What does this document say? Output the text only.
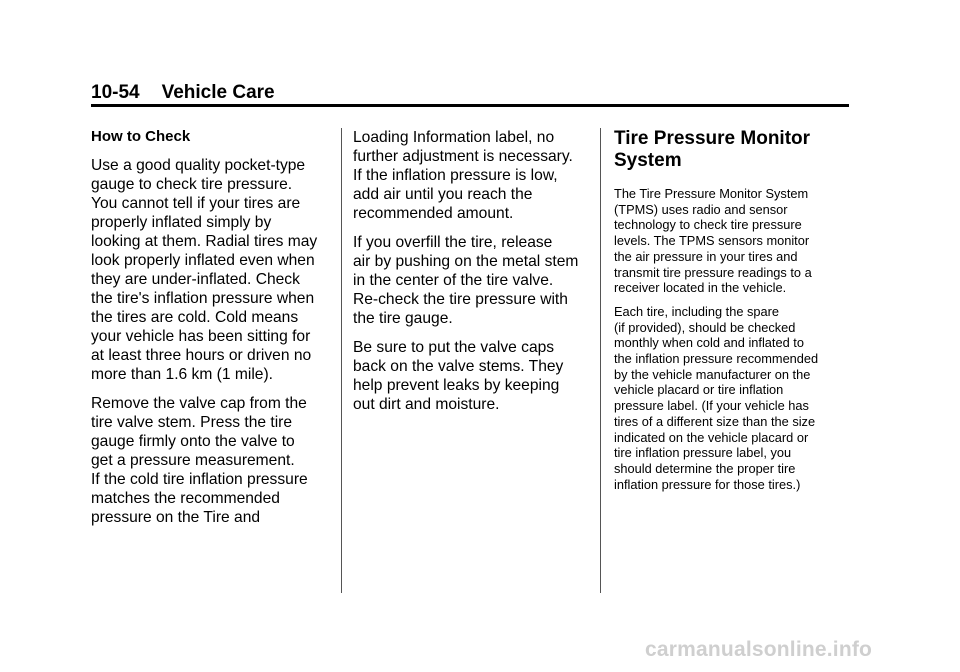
10-54 Vehicle Care
How to Check

Use a good quality pocket-type
gauge to check tire pressure.
You cannot tell if your tires are
properly inflated simply by
looking at them. Radial tires may
look properly inflated even when
they are under-inflated. Check
the tire's inflation pressure when
the tires are cold. Cold means
your vehicle has been sitting for
at least three hours or driven no
more than 1.6 km (1 mile).

Remove the valve cap from the
tire valve stem. Press the tire
gauge firmly onto the valve to
get a pressure measurement.
If the cold tire inflation pressure
matches the recommended
pressure on the Tire and

Loading Information label, no
further adjustment is necessary.
If the inflation pressure is low,
add air until you reach the
recommended amount.

If you overfill the tire, release
air by pushing on the metal stem
in the center of the tire valve.
Re-check the tire pressure with
the tire gauge.

Be sure to put the valve caps
back on the valve stems. They
help prevent leaks by keeping
out dirt and moisture.

Tire Pressure Monitor
System

The Tire Pressure Monitor System
(TPMS) uses radio and sensor
technology to check tire pressure
levels. The TPMS sensors monitor
the air pressure in your tires and
transmit tire pressure readings to a
receiver located in the vehicle.

Each tire, including the spare
(if provided), should be checked
monthly when cold and inflated to
the inflation pressure recommended
by the vehicle manufacturer on the
vehicle placard or tire inflation
pressure label. (If your vehicle has
tires of a different size than the size
indicated on the vehicle placard or
tire inflation pressure label, you
should determine the proper tire
inflation pressure for those tires.)

carmanualsonline.info
